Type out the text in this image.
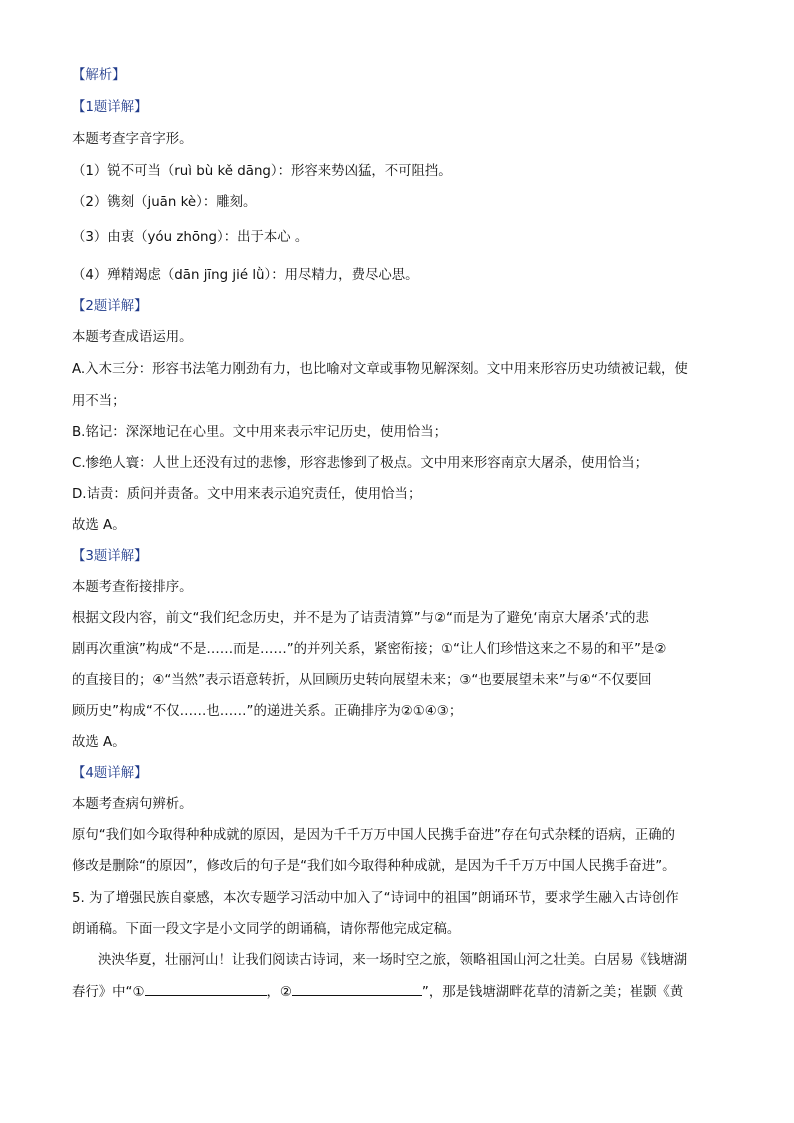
【解析】
【1题详解】
本题考查字音字形。
（1）锐不可当（ruì bù kě dāng）：形容来势凶猛，不可阻挡。
（2）镌刻（juān kè）：雕刻。
（3）由衷（yóu zhōng）：出于本心 。
（4）殚精竭虑（dān jīng jié lǜ）：用尽精力，费尽心思。
【2题详解】
本题考查成语运用。
A.入木三分：形容书法笔力刚劲有力，也比喻对文章或事物见解深刻。文中用来形容历史功绩被记载，使
用不当；
B.铭记：深深地记在心里。文中用来表示牢记历史，使用恰当；
C.惨绝人寰：人世上还没有过的悲惨，形容悲惨到了极点。文中用来形容南京大屠杀，使用恰当；
D.诘责：质问并责备。文中用来表示追究责任，使用恰当；
故选 A。
【3题详解】
本题考查衔接排序。
根据文段内容，前文“我们纪念历史，并不是为了诘责清算”与②“而是为了避免‘南京大屠杀’式的悲
剧再次重演”构成“不是……而是……”的并列关系，紧密衔接；①“让人们珍惜这来之不易的和平”是②
的直接目的；④“当然”表示语意转折，从回顾历史转向展望未来；③“也要展望未来”与④“不仅要回
顾历史”构成“不仅……也……”的递进关系。正确排序为②①④③；
故选 A。
【4题详解】
本题考查病句辨析。
原句“我们如今取得种种成就的原因，是因为千千万万中国人民携手奋进”存在句式杂糅的语病，正确的
修改是删除“的原因”，修改后的句子是“我们如今取得种种成就，是因为千千万万中国人民携手奋进”。
5. 为了增强民族自豪感，本次专题学习活动中加入了“诗词中的祖国”朗诵环节，要求学生融入古诗创作
朗诵稿。下面一段文字是小文同学的朗诵稿，请你帮他完成定稿。
泱泱华夏，壮丽河山！让我们阅读古诗词，来一场时空之旅，领略祖国山河之壮美。白居易《钱塘湖
春行》中“①	，②	”，那是钱塘湖畔花草的清新之美；崔颢《黄
